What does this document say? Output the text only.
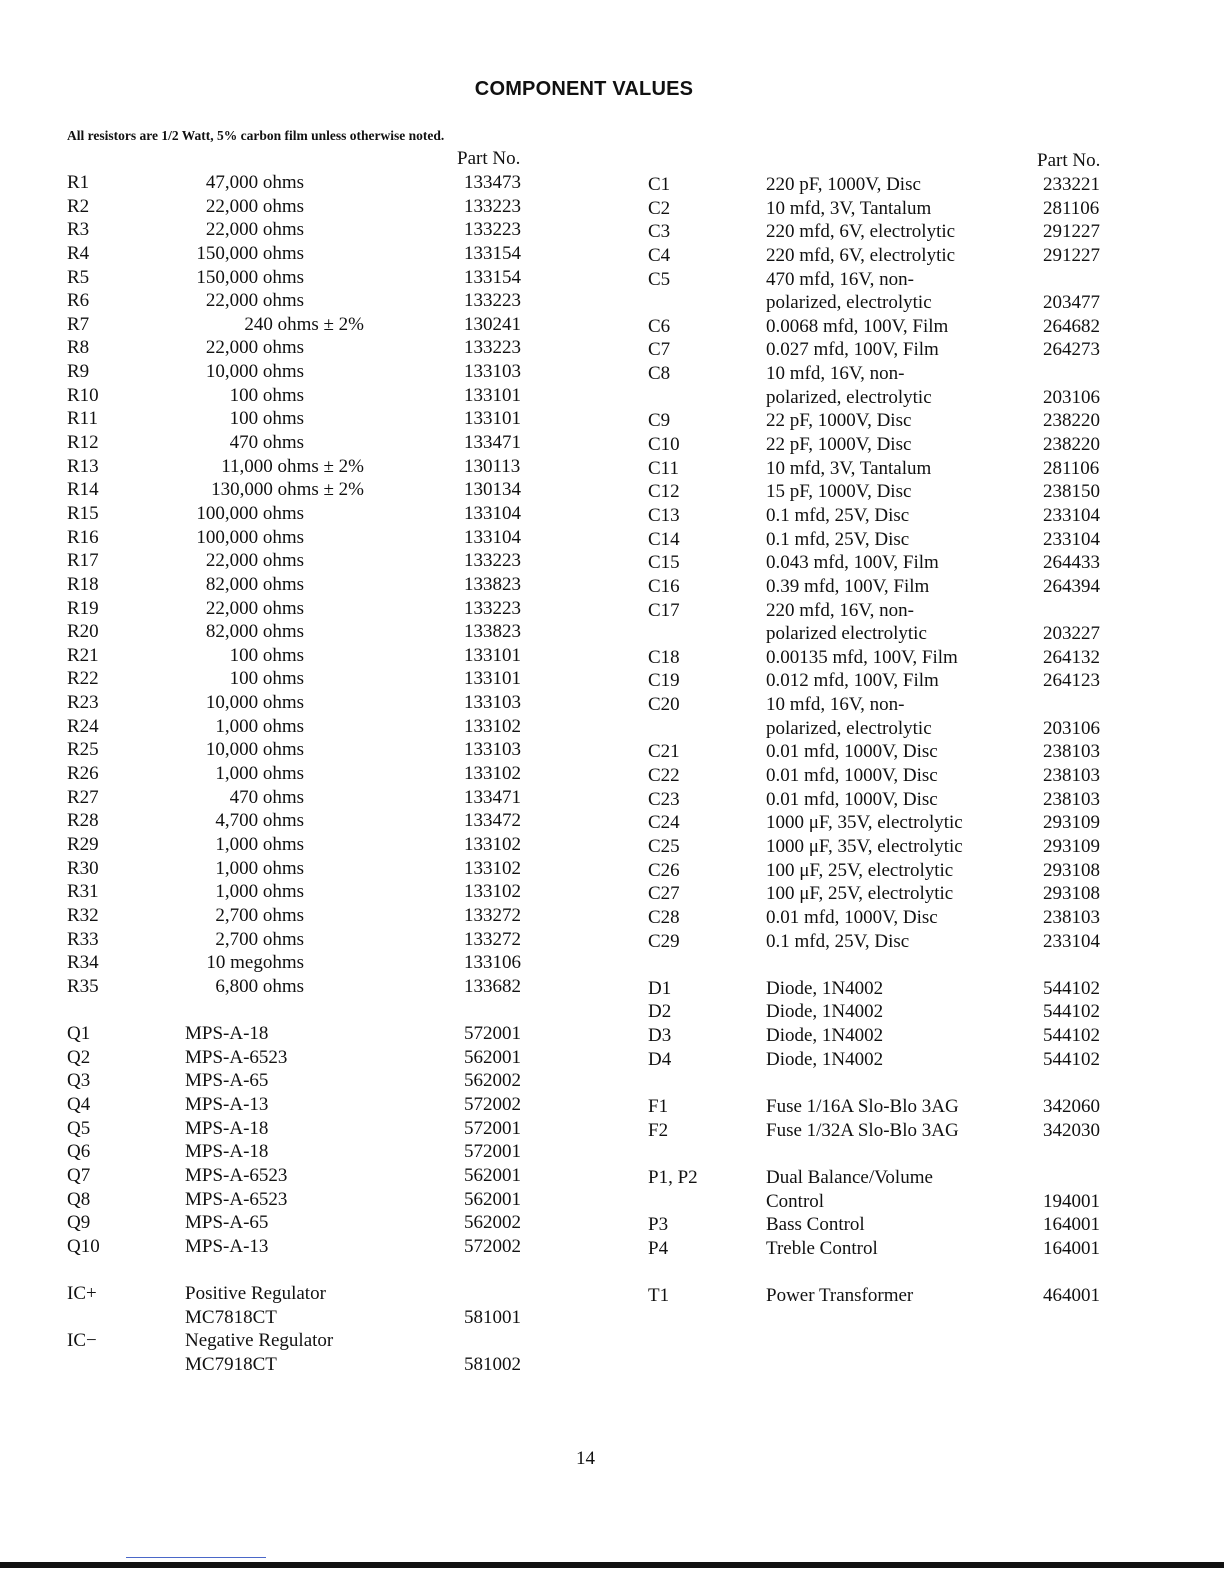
COMPONENT VALUES
All resistors are 1/2 Watt, 5% carbon film unless otherwise noted.
Part No.	Part No.
R1	47,000 ohms	133473
R2	22,000 ohms	133223
R3	22,000 ohms	133223
R4	150,000 ohms	133154
R5	150,000 ohms	133154
R6	22,000 ohms	133223
R7	240 ohms ± 2%	130241
R8	22,000 ohms	133223
R9	10,000 ohms	133103
R10	100 ohms	133101
R11	100 ohms	133101
R12	470 ohms	133471
R13	11,000 ohms ± 2%	130113
R14	130,000 ohms ± 2%	130134
R15	100,000 ohms	133104
R16	100,000 ohms	133104
R17	22,000 ohms	133223
R18	82,000 ohms	133823
R19	22,000 ohms	133223
R20	82,000 ohms	133823
R21	100 ohms	133101
R22	100 ohms	133101
R23	10,000 ohms	133103
R24	1,000 ohms	133102
R25	10,000 ohms	133103
R26	1,000 ohms	133102
R27	470 ohms	133471
R28	4,700 ohms	133472
R29	1,000 ohms	133102
R30	1,000 ohms	133102
R31	1,000 ohms	133102
R32	2,700 ohms	133272
R33	2,700 ohms	133272
R34	10 megohms	133106
R35	6,800 ohms	133682
Q1	MPS-A-18	572001
Q2	MPS-A-6523	562001
Q3	MPS-A-65	562002
Q4	MPS-A-13	572002
Q5	MPS-A-18	572001
Q6	MPS-A-18	572001
Q7	MPS-A-6523	562001
Q8	MPS-A-6523	562001
Q9	MPS-A-65	562002
Q10	MPS-A-13	572002
IC+	Positive Regulator
MC7818CT	581001
IC−	Negative Regulator
MC7918CT	581002
C1	220 pF, 1000V, Disc	233221
C2	10 mfd, 3V, Tantalum	281106
C3	220 mfd, 6V, electrolytic	291227
C4	220 mfd, 6V, electrolytic	291227
C5	470 mfd, 16V, non-
polarized, electrolytic	203477
C6	0.0068 mfd, 100V, Film	264682
C7	0.027 mfd, 100V, Film	264273
C8	10 mfd, 16V, non-
polarized, electrolytic	203106
C9	22 pF, 1000V, Disc	238220
C10	22 pF, 1000V, Disc	238220
C11	10 mfd, 3V, Tantalum	281106
C12	15 pF, 1000V, Disc	238150
C13	0.1 mfd, 25V, Disc	233104
C14	0.1 mfd, 25V, Disc	233104
C15	0.043 mfd, 100V, Film	264433
C16	0.39 mfd, 100V, Film	264394
C17	220 mfd, 16V, non-
polarized electrolytic	203227
C18	0.00135 mfd, 100V, Film	264132
C19	0.012 mfd, 100V, Film	264123
C20	10 mfd, 16V, non-
polarized, electrolytic	203106
C21	0.01 mfd, 1000V, Disc	238103
C22	0.01 mfd, 1000V, Disc	238103
C23	0.01 mfd, 1000V, Disc	238103
C24	1000 μF, 35V, electrolytic	293109
C25	1000 μF, 35V, electrolytic	293109
C26	100 μF, 25V, electrolytic	293108
C27	100 μF, 25V, electrolytic	293108
C28	0.01 mfd, 1000V, Disc	238103
C29	0.1 mfd, 25V, Disc	233104
D1	Diode, 1N4002	544102
D2	Diode, 1N4002	544102
D3	Diode, 1N4002	544102
D4	Diode, 1N4002	544102
F1	Fuse 1/16A Slo-Blo 3AG	342060
F2	Fuse 1/32A Slo-Blo 3AG	342030
P1, P2	Dual Balance/Volume
Control	194001
P3	Bass Control	164001
P4	Treble Control	164001
T1	Power Transformer	464001
14
